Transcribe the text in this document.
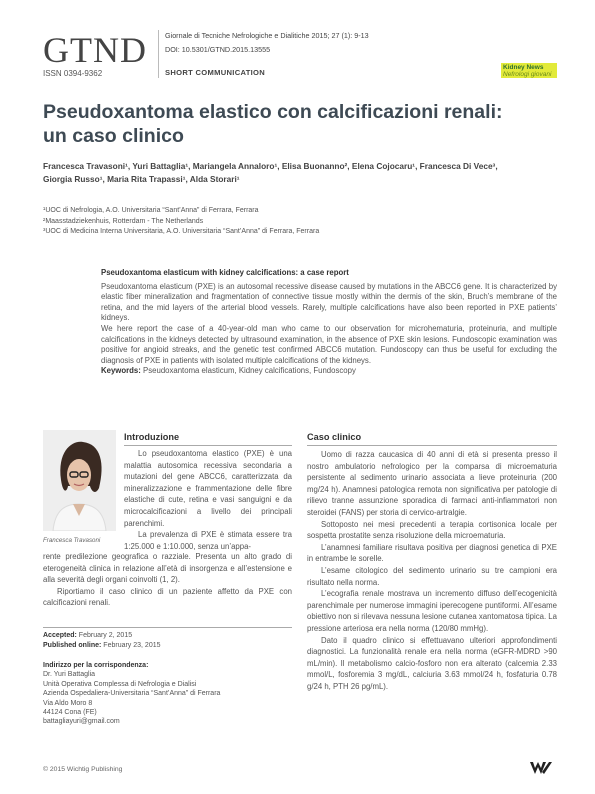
GTND
ISSN 0394-9362
Giornale di Tecniche Nefrologiche e Dialitiche 2015; 27 (1): 9-13
DOI: 10.5301/GTND.2015.13555
SHORT COMMUNICATION
Kidney News
Nefrologi giovani
Pseudoxantoma elastico con calcificazioni renali:
un caso clinico
Francesca Travasoni¹, Yuri Battaglia¹, Mariangela Annaloro¹, Elisa Buonanno², Elena Cojocaru¹, Francesca Di Vece³,
Giorgia Russo¹, Maria Rita Trapassi¹, Alda Storari¹
¹UOC di Nefrologia, A.O. Universitaria “Sant’Anna” di Ferrara, Ferrara
²Maasstadziekenhuis, Rotterdam - The Netherlands
³UOC di Medicina Interna Universitaria, A.O. Universitaria “Sant’Anna” di Ferrara, Ferrara
Pseudoxantoma elasticum with kidney calcifications: a case report

Pseudoxantoma elasticum (PXE) is an autosomal recessive disease caused by mutations in the ABCC6 gene. It is characterized by elastic fiber mineralization and fragmentation of connective tissue mostly within the dermis of the skin, Bruch’s membrane of the retina, and the mid layers of the arterial blood vessels. Rarely, multiple calcifications have also been reported in PXE patients’ kidneys.

We here report the case of a 40-year-old man who came to our observation for microhematuria, proteinuria, and multiple calcifications in the kidneys detected by ultrasound examination, in the absence of PXE skin lesions. Fundoscopic examination was positive for angioid streaks, and the genetic test confirmed ABCC6 mutation. Fundoscopy can thus be useful for excluding the diagnosis of PXE in patients with isolated multiple calcifications of the kidneys.

Keywords: Pseudoxantoma elasticum, Kidney calcifications, Fundoscopy

Francesca Travasoni
Introduzione

Lo pseudoxantoma elastico (PXE) è una malattia autosomica recessiva secondaria a mutazioni del gene ABCC6, caratterizzata da mineralizzazione e frammentazione delle fibre elastiche di cute, retina e vasi sanguigni e da microcalcificazioni a livello dei principali parenchimi.

La prevalenza di PXE è stimata essere tra 1:25.000 e 1:10.000, senza un’appa-

rente predilezione geografica o razziale. Presenta un alto grado di eterogeneità clinica in relazione all’età di insorgenza e all’estensione e alla severità degli organi coinvolti (1, 2).

Riportiamo il caso clinico di un paziente affetto da PXE con calcificazioni renali.

Caso clinico

Uomo di razza caucasica di 40 anni di età si presenta presso il nostro ambulatorio nefrologico per la comparsa di microematuria persistente al sedimento urinario associata a lieve proteinuria (200 mg/24 h). Anamnesi patologica remota non significativa per patologie di rilievo tranne assunzione sporadica di farmaci anti-infiammatori non steroidei (FANS) per storia di cervico-artralgie.

Sottoposto nei mesi precedenti a terapia cortisonica locale per sospetta prostatite senza risoluzione della microematuria.

L’anamnesi familiare risultava positiva per diagnosi genetica di PXE in entrambe le sorelle.

L’esame citologico del sedimento urinario su tre campioni era risultato nella norma.

L’ecografia renale mostrava un incremento diffuso dell’ecogenicità parenchimale per numerose immagini iperecogene puntiformi. All’esame obiettivo non si rilevava nessuna lesione cutanea xantomatosa tipica. La pressione arteriosa era nella norma (120/80 mmHg).

Dato il quadro clinico si effettuavano ulteriori approfondimenti diagnostici. La funzionalità renale era nella norma (eGFR-MDRD >90 mL/min). Il metabolismo calcio-fosforo non era alterato (calcemia 2.33 mmol/L, fosforemia 3 mg/dL, calciuria 3.63 mmol/24 h, fosfaturia 0.78 g/24 h, PTH 26 pg/mL).

Accepted: February 2, 2015
Published online: February 23, 2015
Indirizzo per la corrispondenza:
Dr. Yuri Battaglia
Unità Operativa Complessa di Nefrologia e Dialisi
Azienda Ospedaliera-Universitaria “Sant’Anna” di Ferrara
Via Aldo Moro 8
44124 Cona (FE)
battagliayuri@gmail.com
© 2015 Wichtig Publishing
